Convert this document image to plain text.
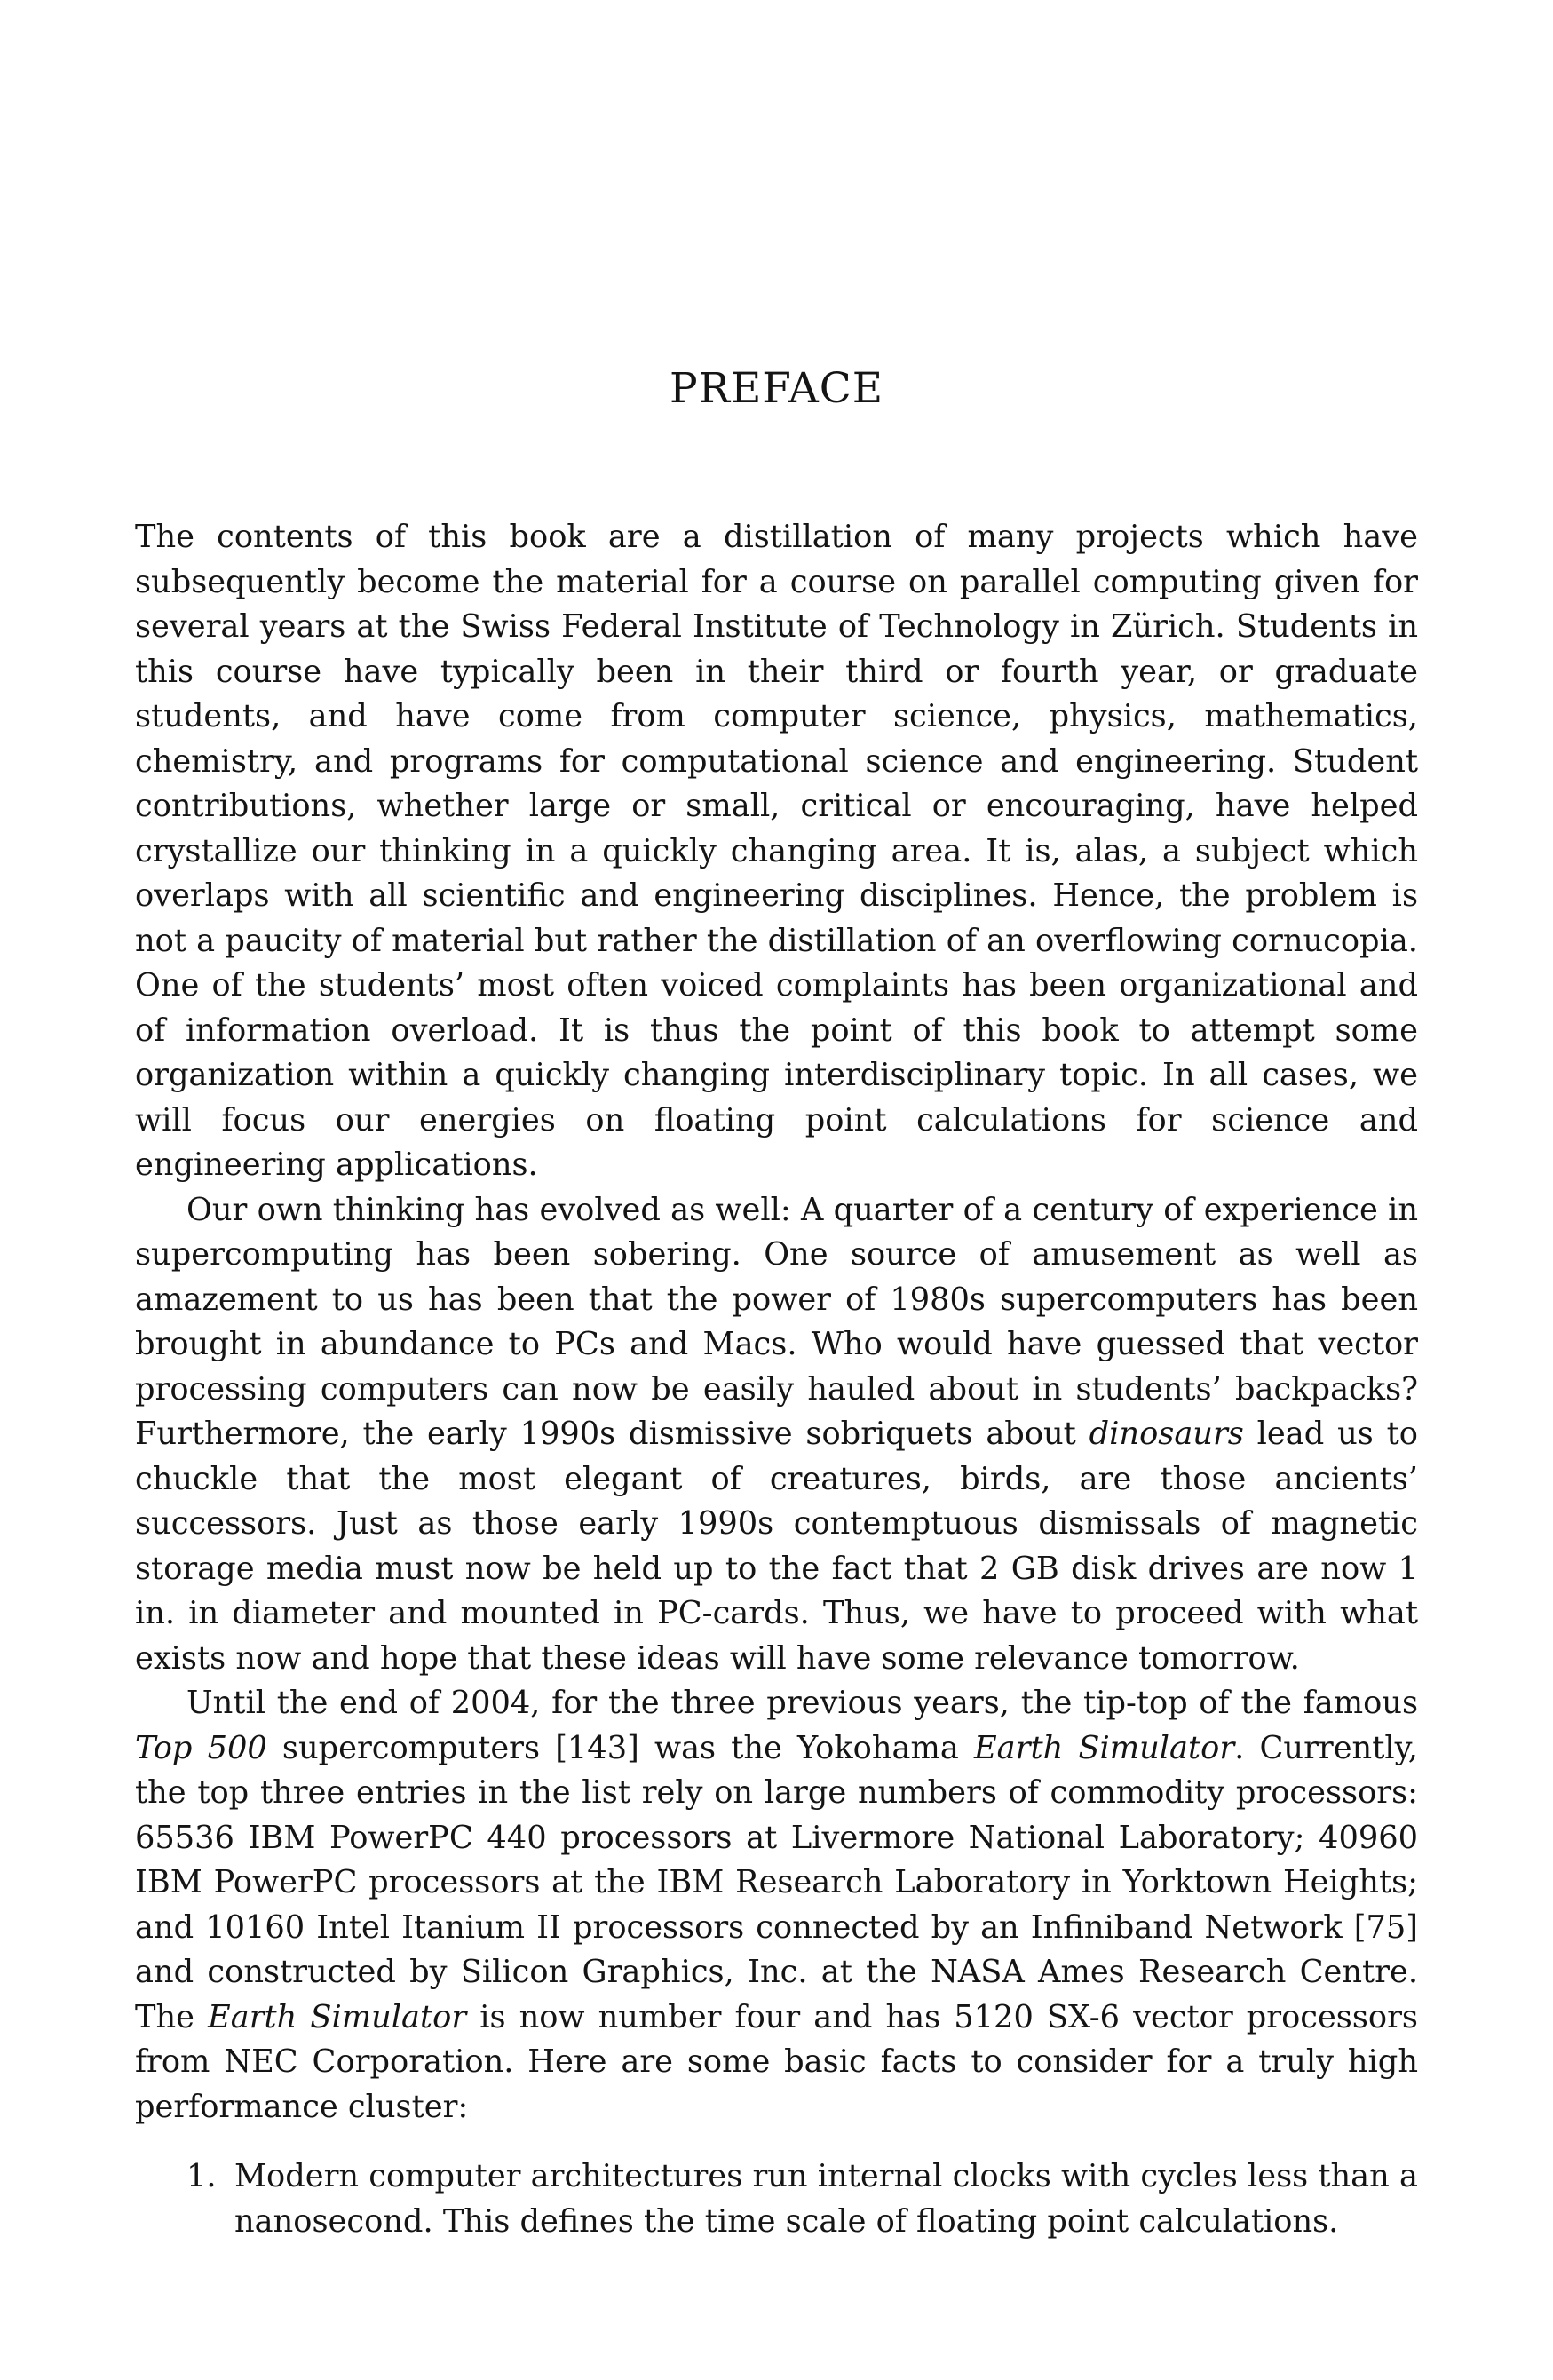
PREFACE

The contents of this book are a distillation of many projects which have subsequently become the material for a course on parallel computing given for several years at the Swiss Federal Institute of Technology in Zürich. Students in this course have typically been in their third or fourth year, or graduate students, and have come from computer science, physics, mathematics, chemistry, and programs for computational science and engineering. Student contributions, whether large or small, critical or encouraging, have helped crystallize our thinking in a quickly changing area. It is, alas, a subject which overlaps with all scientific and engineering disciplines. Hence, the problem is not a paucity of material but rather the distillation of an overflowing cornucopia. One of the students’ most often voiced complaints has been organizational and of information overload. It is thus the point of this book to attempt some organization within a quickly changing interdisciplinary topic. In all cases, we will focus our energies on floating point calculations for science and engineering applications.

Our own thinking has evolved as well: A quarter of a century of experience in supercomputing has been sobering. One source of amusement as well as amazement to us has been that the power of 1980s supercomputers has been brought in abundance to PCs and Macs. Who would have guessed that vector processing computers can now be easily hauled about in students’ backpacks? Furthermore, the early 1990s dismissive sobriquets about dinosaurs lead us to chuckle that the most elegant of creatures, birds, are those ancients’ successors. Just as those early 1990s contemptuous dismissals of magnetic storage media must now be held up to the fact that 2 GB disk drives are now 1 in. in diameter and mounted in PC-cards. Thus, we have to proceed with what exists now and hope that these ideas will have some relevance tomorrow.

Until the end of 2004, for the three previous years, the tip-top of the famous Top 500 supercomputers [143] was the Yokohama Earth Simulator. Currently, the top three entries in the list rely on large numbers of commodity processors: 65536 IBM PowerPC 440 processors at Livermore National Laboratory; 40960 IBM PowerPC processors at the IBM Research Laboratory in Yorktown Heights; and 10160 Intel Itanium II processors connected by an Infiniband Network [75] and constructed by Silicon Graphics, Inc. at the NASA Ames Research Centre. The Earth Simulator is now number four and has 5120 SX-6 vector processors from NEC Corporation. Here are some basic facts to consider for a truly high performance cluster:

1. Modern computer architectures run internal clocks with cycles less than a nanosecond. This defines the time scale of floating point calculations.
